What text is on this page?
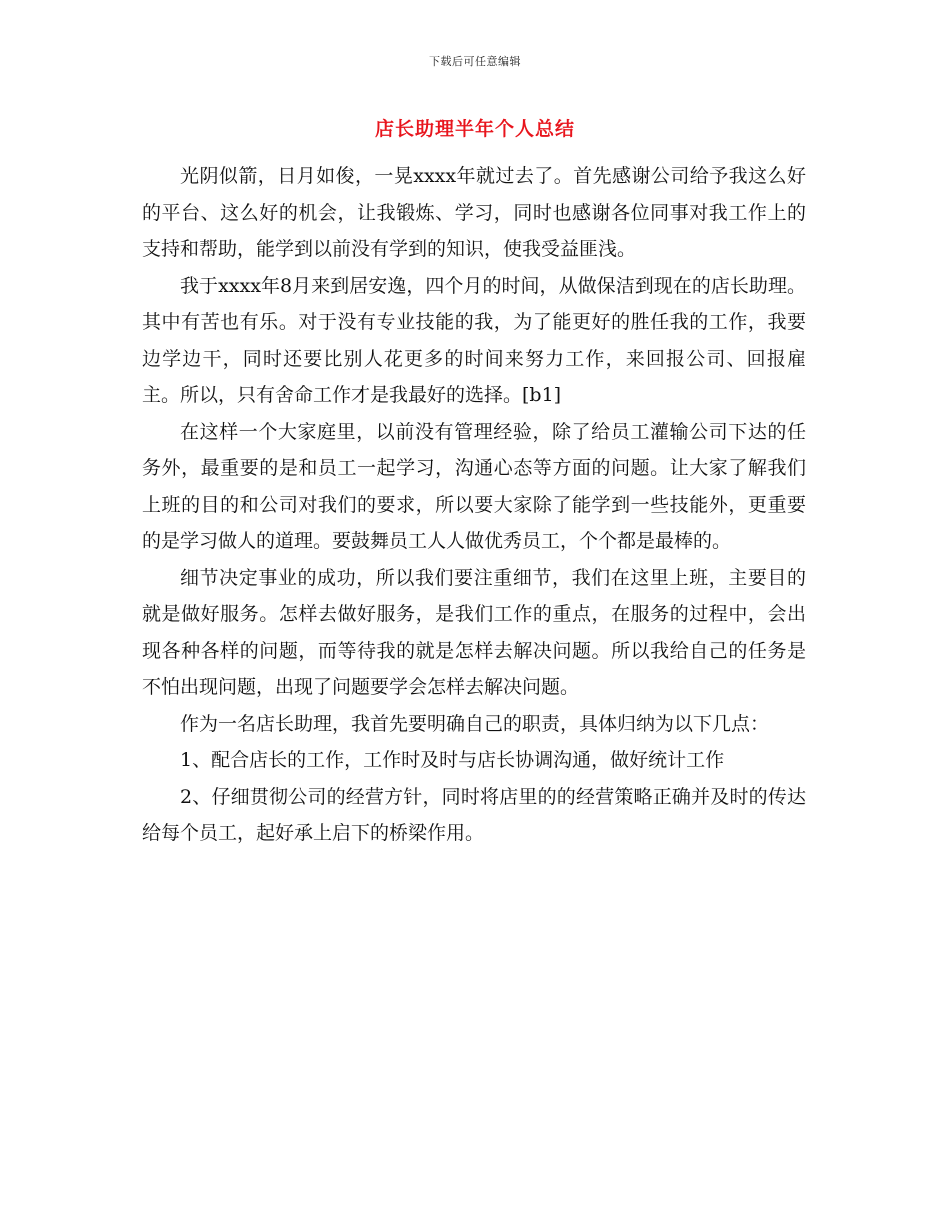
下载后可任意编辑
店长助理半年个人总结

光阴似箭，日月如俊，一晃xxxx年就过去了。首先感谢公司给予我这么好的平台、这么好的机会，让我锻炼、学习，同时也感谢各位同事对我工作上的支持和帮助，能学到以前没有学到的知识，使我受益匪浅。

我于xxxx年8月来到居安逸，四个月的时间，从做保洁到现在的店长助理。其中有苦也有乐。对于没有专业技能的我，为了能更好的胜任我的工作，我要边学边干，同时还要比别人花更多的时间来努力工作，来回报公司、回报雇主。所以，只有舍命工作才是我最好的选择。[b1]

在这样一个大家庭里，以前没有管理经验，除了给员工灌输公司下达的任务外，最重要的是和员工一起学习，沟通心态等方面的问题。让大家了解我们上班的目的和公司对我们的要求，所以要大家除了能学到一些技能外，更重要的是学习做人的道理。要鼓舞员工人人做优秀员工，个个都是最棒的。

细节决定事业的成功，所以我们要注重细节，我们在这里上班，主要目的就是做好服务。怎样去做好服务，是我们工作的重点，在服务的过程中，会出现各种各样的问题，而等待我的就是怎样去解决问题。所以我给自己的任务是不怕出现问题，出现了问题要学会怎样去解决问题。

作为一名店长助理，我首先要明确自己的职责，具体归纳为以下几点：

1、配合店长的工作，工作时及时与店长协调沟通，做好统计工作

2、仔细贯彻公司的经营方针，同时将店里的的经营策略正确并及时的传达给每个员工，起好承上启下的桥梁作用。
